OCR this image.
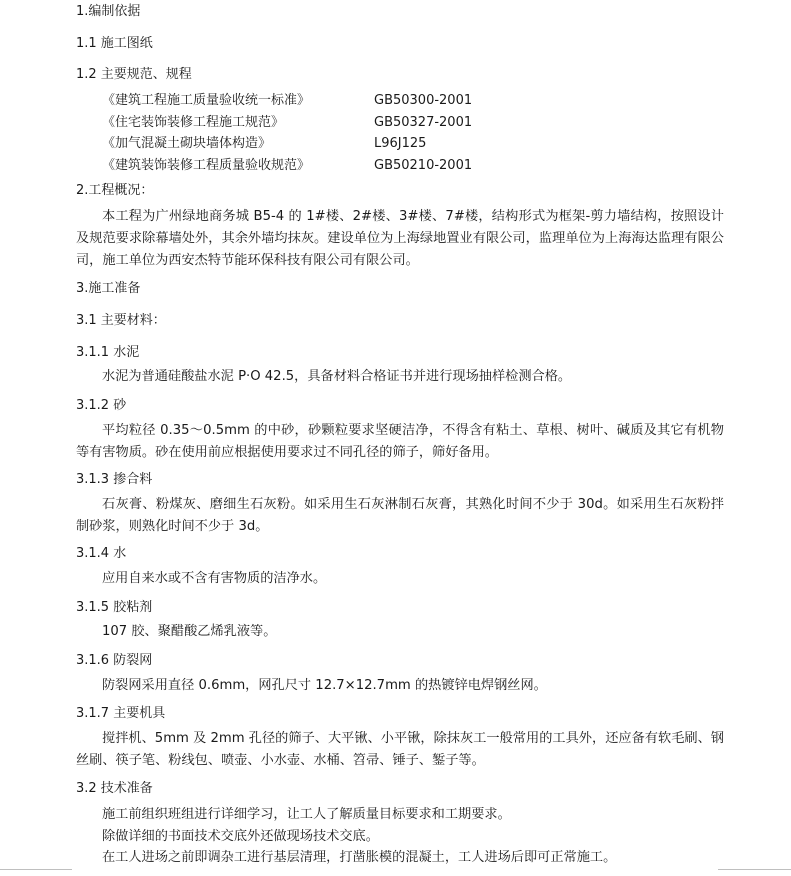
1.编制依据
1.1 施工图纸
1.2 主要规范、规程
《建筑工程施工质量验收统一标准》	GB50300-2001
《住宅装饰装修工程施工规范》	GB50327-2001
《加气混凝土砌块墙体构造》	L96J125
《建筑装饰装修工程质量验收规范》	GB50210-2001
2.工程概况：
本工程为广州绿地商务城 B5-4 的 1#楼、2#楼、3#楼、7#楼，结构形式为框架-剪力墙结构，按照设计及规范要求除幕墙处外，其余外墙均抹灰。建设单位为上海绿地置业有限公司，监理单位为上海海达监理有限公司，施工单位为西安杰特节能环保科技有限公司有限公司。
3.施工准备
3.1 主要材料：
3.1.1 水泥
水泥为普通硅酸盐水泥 P·O 42.5，具备材料合格证书并进行现场抽样检测合格。
3.1.2 砂
平均粒径 0.35～0.5mm 的中砂，砂颗粒要求坚硬洁净，不得含有粘土、草根、树叶、碱质及其它有机物等有害物质。砂在使用前应根据使用要求过不同孔径的筛子，筛好备用。
3.1.3 掺合料
石灰膏、粉煤灰、磨细生石灰粉。如采用生石灰淋制石灰膏，其熟化时间不少于 30d。如采用生石灰粉拌制砂浆，则熟化时间不少于 3d。
3.1.4 水
应用自来水或不含有害物质的洁净水。
3.1.5 胶粘剂
107 胶、聚醋酸乙烯乳液等。
3.1.6 防裂网
防裂网采用直径 0.6mm，网孔尺寸 12.7×12.7mm 的热镀锌电焊钢丝网。
3.1.7 主要机具
搅拌机、5mm 及 2mm 孔径的筛子、大平锹、小平锹，除抹灰工一般常用的工具外，还应备有软毛刷、钢丝刷、筷子笔、粉线包、喷壶、小水壶、水桶、笤帚、锤子、錾子等。
3.2 技术准备
施工前组织班组进行详细学习，让工人了解质量目标要求和工期要求。
除做详细的书面技术交底外还做现场技术交底。
在工人进场之前即调杂工进行基层清理，打凿胀模的混凝土，工人进场后即可正常施工。
